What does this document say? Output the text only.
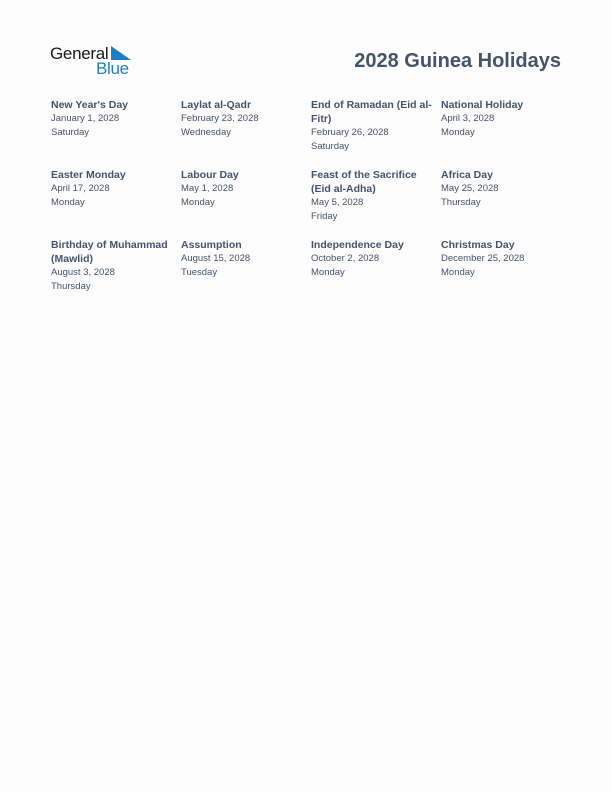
General
Blue	2028 Guinea Holidays
New Year's Day
January 1, 2028
Saturday
Laylat al-Qadr
February 23, 2028
Wednesday
End of Ramadan (Eid al-Fitr)
February 26, 2028
Saturday
National Holiday
April 3, 2028
Monday
Easter Monday
April 17, 2028
Monday
Labour Day
May 1, 2028
Monday
Feast of the Sacrifice (Eid al-Adha)
May 5, 2028
Friday
Africa Day
May 25, 2028
Thursday
Birthday of Muhammad (Mawlid)
August 3, 2028
Thursday
Assumption
August 15, 2028
Tuesday
Independence Day
October 2, 2028
Monday
Christmas Day
December 25, 2028
Monday
